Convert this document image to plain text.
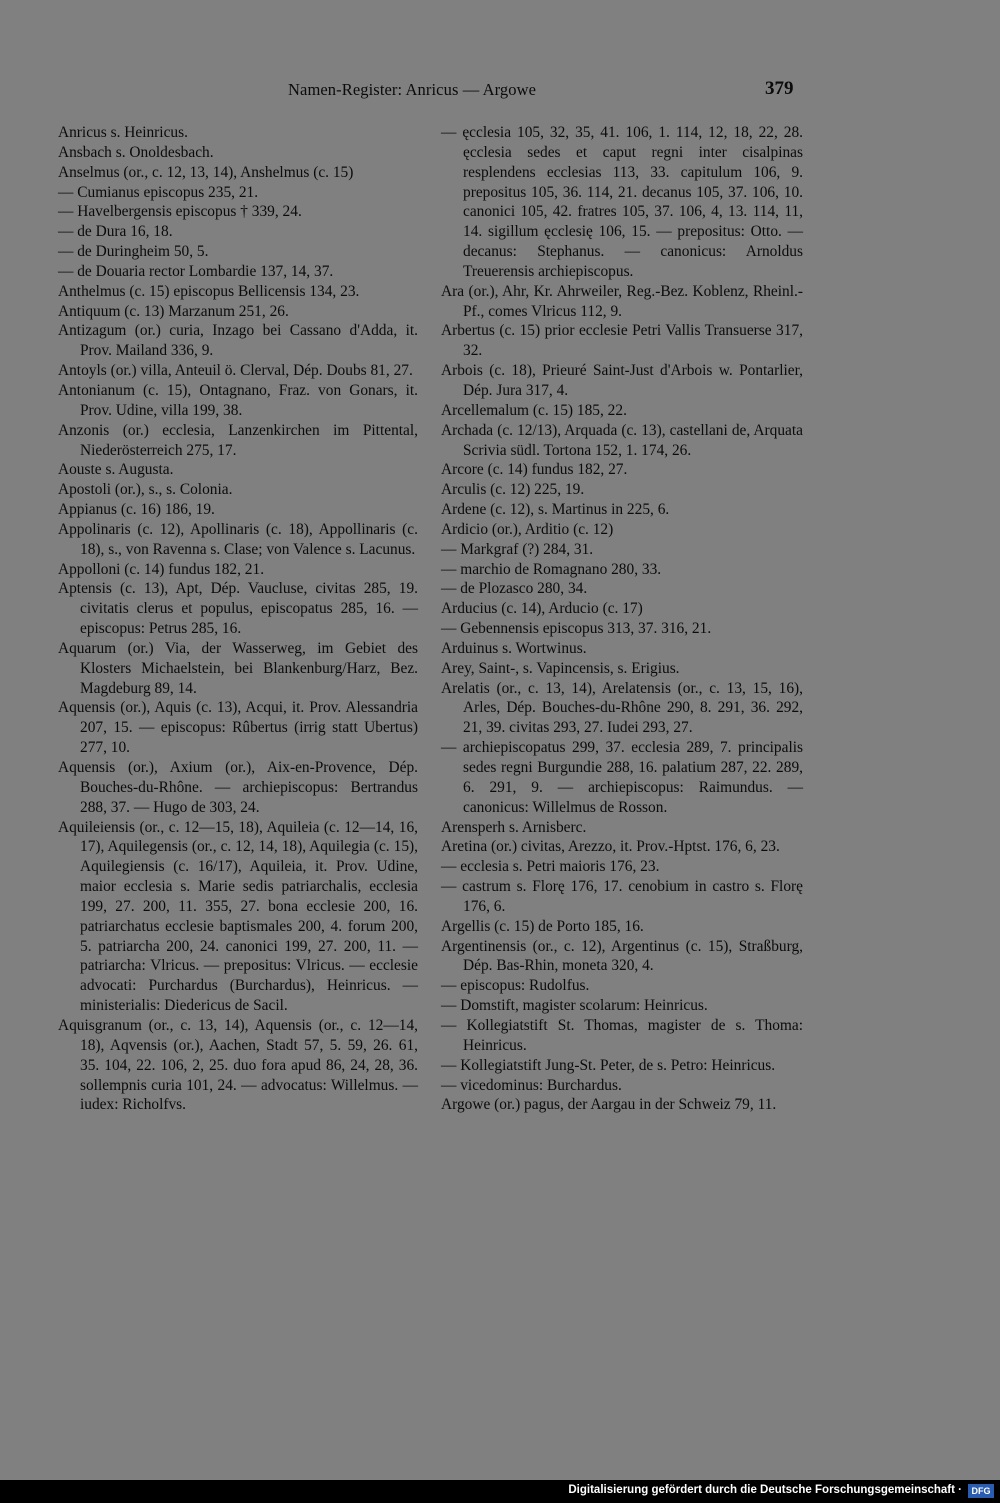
Namen-Register: Anricus — Argowe	379

Anricus s. Heinricus.

Ansbach s. Onoldesbach.

Anselmus (or., c. 12, 13, 14), Anshelmus (c. 15)

— Cumianus episcopus 235, 21.

— Havelbergensis episcopus † 339, 24.

— de Dura 16, 18.

— de Duringheim 50, 5.

— de Douaria rector Lombardie 137, 14, 37.

Anthelmus (c. 15) episcopus Bellicensis 134, 23.

Antiquum (c. 13) Marzanum 251, 26.

Antizagum (or.) curia, Inzago bei Cassano d'Adda, it. Prov. Mailand 336, 9.

Antoyls (or.) villa, Anteuil ö. Clerval, Dép. Doubs 81, 27.

Antonianum (c. 15), Ontagnano, Fraz. von Gonars, it. Prov. Udine, villa 199, 38.

Anzonis (or.) ecclesia, Lanzenkirchen im Pittental, Niederösterreich 275, 17.

Aouste s. Augusta.

Apostoli (or.), s., s. Colonia.

Appianus (c. 16) 186, 19.

Appolinaris (c. 12), Apollinaris (c. 18), Appollinaris (c. 18), s., von Ravenna s. Clase; von Valence s. Lacunus.

Appolloni (c. 14) fundus 182, 21.

Aptensis (c. 13), Apt, Dép. Vaucluse, civitas 285, 19. civitatis clerus et populus, episcopatus 285, 16. — episcopus: Petrus 285, 16.

Aquarum (or.) Via, der Wasserweg, im Gebiet des Klosters Michaelstein, bei Blankenburg/Harz, Bez. Magdeburg 89, 14.

Aquensis (or.), Aquis (c. 13), Acqui, it. Prov. Alessandria 207, 15. — episcopus: Rûbertus (irrig statt Ubertus) 277, 10.

Aquensis (or.), Axium (or.), Aix-en-Provence, Dép. Bouches-du-Rhône. — archiepiscopus: Bertrandus 288, 37. — Hugo de 303, 24.

Aquileiensis (or., c. 12—15, 18), Aquileia (c. 12—14, 16, 17), Aquilegensis (or., c. 12, 14, 18), Aquilegia (c. 15), Aquilegiensis (c. 16/17), Aquileia, it. Prov. Udine, maior ecclesia s. Marie sedis patriarchalis, ecclesia 199, 27. 200, 11. 355, 27. bona ecclesie 200, 16. patriarchatus ecclesie baptismales 200, 4. forum 200, 5. patriarcha 200, 24. canonici 199, 27. 200, 11. — patriarcha: Vlricus. — prepositus: Vlricus. — ecclesie advocati: Purchardus (Burchardus), Heinricus. — ministerialis: Diedericus de Sacil.

Aquisgranum (or., c. 13, 14), Aquensis (or., c. 12—14, 18), Aqvensis (or.), Aachen, Stadt 57, 5. 59, 26. 61, 35. 104, 22. 106, 2, 25. duo fora apud 86, 24, 28, 36. sollempnis curia 101, 24. — advocatus: Willelmus. — iudex: Richolfvs.

— ęcclesia 105, 32, 35, 41. 106, 1. 114, 12, 18, 22, 28. ęcclesia sedes et caput regni inter cisalpinas resplendens ecclesias 113, 33. capitulum 106, 9. prepositus 105, 36. 114, 21. decanus 105, 37. 106, 10. canonici 105, 42. fratres 105, 37. 106, 4, 13. 114, 11, 14. sigillum ęcclesię 106, 15. — prepositus: Otto. — decanus: Stephanus. — canonicus: Arnoldus Treuerensis archiepiscopus.

Ara (or.), Ahr, Kr. Ahrweiler, Reg.-Bez. Koblenz, Rheinl.-Pf., comes Vlricus 112, 9.

Arbertus (c. 15) prior ecclesie Petri Vallis Transuerse 317, 32.

Arbois (c. 18), Prieuré Saint-Just d'Arbois w. Pontarlier, Dép. Jura 317, 4.

Arcellemalum (c. 15) 185, 22.

Archada (c. 12/13), Arquada (c. 13), castellani de, Arquata Scrivia südl. Tortona 152, 1. 174, 26.

Arcore (c. 14) fundus 182, 27.

Arculis (c. 12) 225, 19.

Ardene (c. 12), s. Martinus in 225, 6.

Ardicio (or.), Arditio (c. 12)

— Markgraf (?) 284, 31.

— marchio de Romagnano 280, 33.

— de Plozasco 280, 34.

Arducius (c. 14), Arducio (c. 17)

— Gebennensis episcopus 313, 37. 316, 21.

Arduinus s. Wortwinus.

Arey, Saint-, s. Vapincensis, s. Erigius.

Arelatis (or., c. 13, 14), Arelatensis (or., c. 13, 15, 16), Arles, Dép. Bouches-du-Rhône 290, 8. 291, 36. 292, 21, 39. civitas 293, 27. Iudei 293, 27.

— archiepiscopatus 299, 37. ecclesia 289, 7. principalis sedes regni Burgundie 288, 16. palatium 287, 22. 289, 6. 291, 9. — archiepiscopus: Raimundus. — canonicus: Willelmus de Rosson.

Arensperh s. Arnisberc.

Aretina (or.) civitas, Arezzo, it. Prov.-Hptst. 176, 6, 23.

— ecclesia s. Petri maioris 176, 23.

— castrum s. Florę 176, 17. cenobium in castro s. Florę 176, 6.

Argellis (c. 15) de Porto 185, 16.

Argentinensis (or., c. 12), Argentinus (c. 15), Straßburg, Dép. Bas-Rhin, moneta 320, 4.

— episcopus: Rudolfus.

— Domstift, magister scolarum: Heinricus.

— Kollegiatstift St. Thomas, magister de s. Thoma: Heinricus.

— Kollegiatstift Jung-St. Peter, de s. Petro: Heinricus.

— vicedominus: Burchardus.

Argowe (or.) pagus, der Aargau in der Schweiz 79, 11.

Digitalisierung gefördert durch die Deutsche Forschungsgemeinschaft ·	DFG
